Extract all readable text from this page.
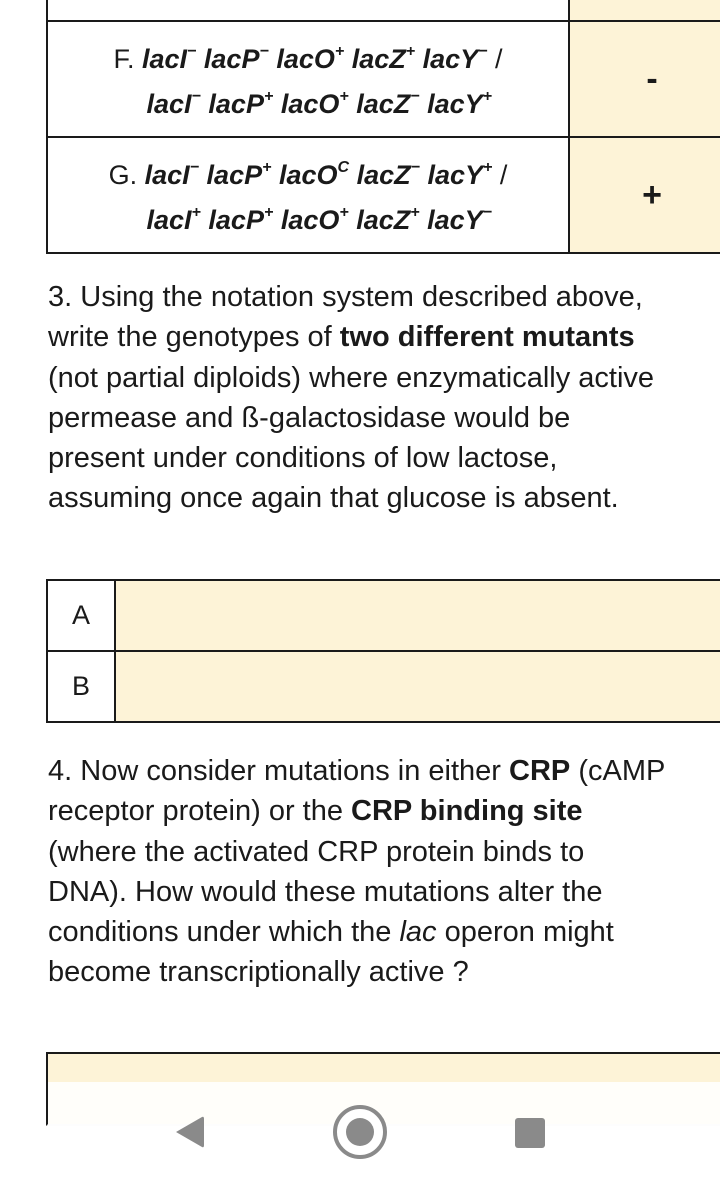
F. lacI− lacP− lacO+ lacZ+ lacY− /
lacI− lacP+ lacO+ lacZ− lacY+	-

G. lacI− lacP+ lacO$^C$ lacZ− lacY+ /
lacI+ lacP+ lacO+ lacZ+ lacY−	+

3. Using the notation system described above, write the genotypes of two different mutants (not partial diploids) where enzymatically active permease and ß-galactosidase would be present under conditions of low lactose, assuming once again that glucose is absent.

A	
B	

4. Now consider mutations in either CRP (cAMP receptor protein) or the CRP binding site (where the activated CRP protein binds to DNA). How would these mutations alter the conditions under which the lac operon might become transcriptionally active ?
